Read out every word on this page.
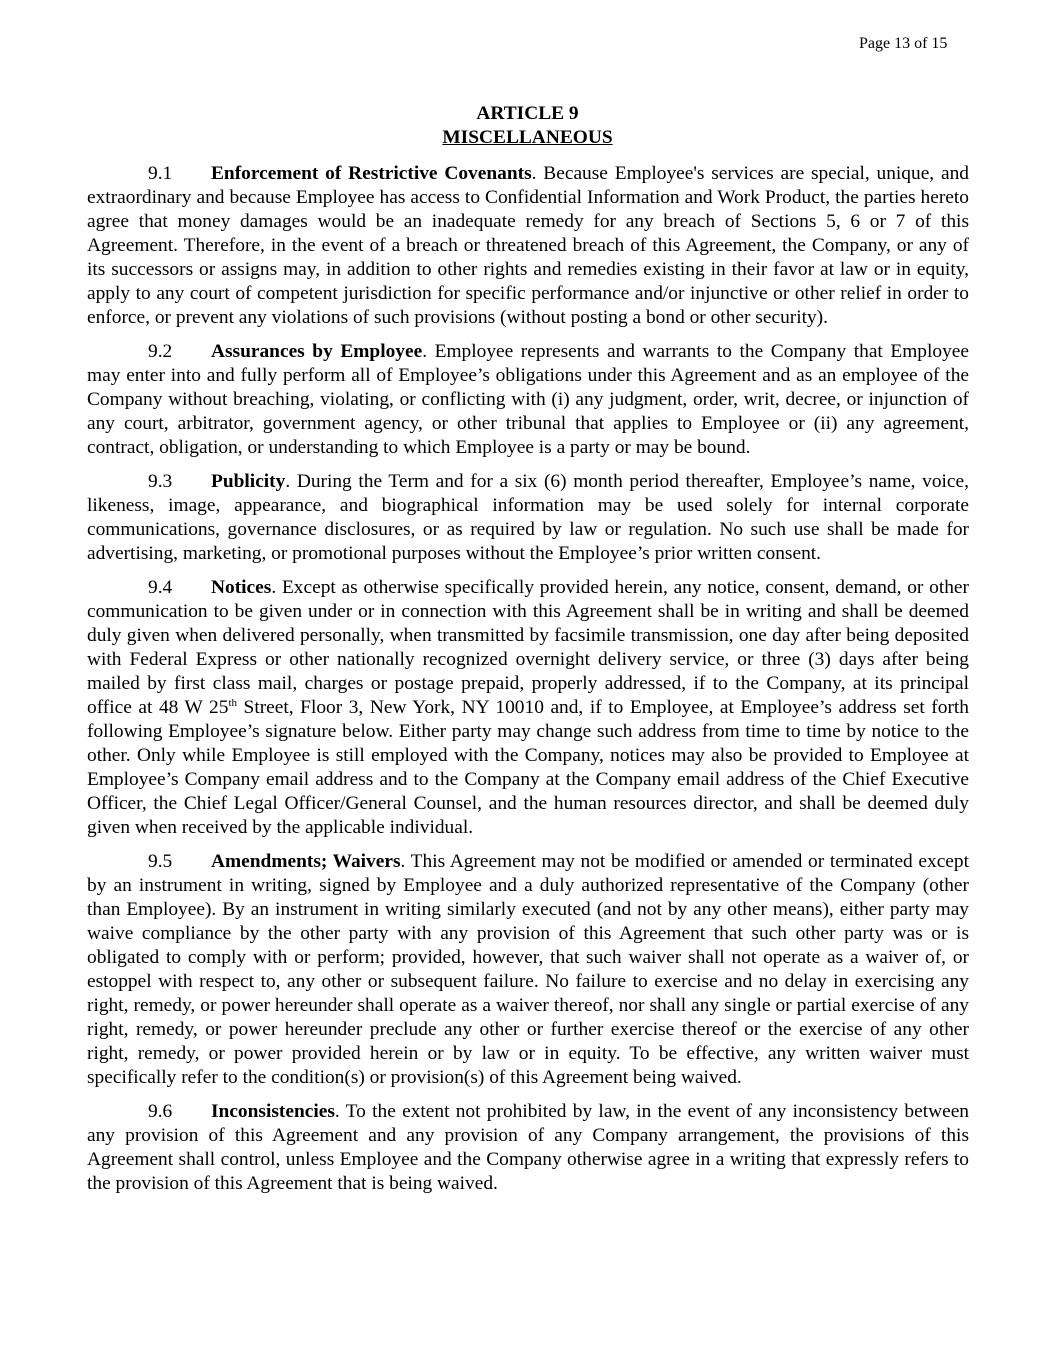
Page 13 of 15
ARTICLE 9
MISCELLANEOUS

9.1 Enforcement of Restrictive Covenants. Because Employee's services are special, unique, and extraordinary and because Employee has access to Confidential Information and Work Product, the parties hereto agree that money damages would be an inadequate remedy for any breach of Sections 5, 6 or 7 of this Agreement. Therefore, in the event of a breach or threatened breach of this Agreement, the Company, or any of its successors or assigns may, in addition to other rights and remedies existing in their favor at law or in equity, apply to any court of competent jurisdiction for specific performance and/or injunctive or other relief in order to enforce, or prevent any violations of such provisions (without posting a bond or other security).

9.2 Assurances by Employee. Employee represents and warrants to the Company that Employee may enter into and fully perform all of Employee’s obligations under this Agreement and as an employee of the Company without breaching, violating, or conflicting with (i) any judgment, order, writ, decree, or injunction of any court, arbitrator, government agency, or other tribunal that applies to Employee or (ii) any agreement, contract, obligation, or understanding to which Employee is a party or may be bound.

9.3 Publicity. During the Term and for a six (6) month period thereafter, Employee’s name, voice, likeness, image, appearance, and biographical information may be used solely for internal corporate communications, governance disclosures, or as required by law or regulation. No such use shall be made for advertising, marketing, or promotional purposes without the Employee’s prior written consent.

9.4 Notices. Except as otherwise specifically provided herein, any notice, consent, demand, or other communication to be given under or in connection with this Agreement shall be in writing and shall be deemed duly given when delivered personally, when transmitted by facsimile transmission, one day after being deposited with Federal Express or other nationally recognized overnight delivery service, or three (3) days after being mailed by first class mail, charges or postage prepaid, properly addressed, if to the Company, at its principal office at 48 W 25th Street, Floor 3, New York, NY 10010 and, if to Employee, at Employee’s address set forth following Employee’s signature below. Either party may change such address from time to time by notice to the other. Only while Employee is still employed with the Company, notices may also be provided to Employee at Employee’s Company email address and to the Company at the Company email address of the Chief Executive Officer, the Chief Legal Officer/General Counsel, and the human resources director, and shall be deemed duly given when received by the applicable individual.

9.5 Amendments; Waivers. This Agreement may not be modified or amended or terminated except by an instrument in writing, signed by Employee and a duly authorized representative of the Company (other than Employee). By an instrument in writing similarly executed (and not by any other means), either party may waive compliance by the other party with any provision of this Agreement that such other party was or is obligated to comply with or perform; provided, however, that such waiver shall not operate as a waiver of, or estoppel with respect to, any other or subsequent failure. No failure to exercise and no delay in exercising any right, remedy, or power hereunder shall operate as a waiver thereof, nor shall any single or partial exercise of any right, remedy, or power hereunder preclude any other or further exercise thereof or the exercise of any other right, remedy, or power provided herein or by law or in equity. To be effective, any written waiver must specifically refer to the condition(s) or provision(s) of this Agreement being waived.

9.6 Inconsistencies. To the extent not prohibited by law, in the event of any inconsistency between any provision of this Agreement and any provision of any Company arrangement, the provisions of this Agreement shall control, unless Employee and the Company otherwise agree in a writing that expressly refers to the provision of this Agreement that is being waived.
